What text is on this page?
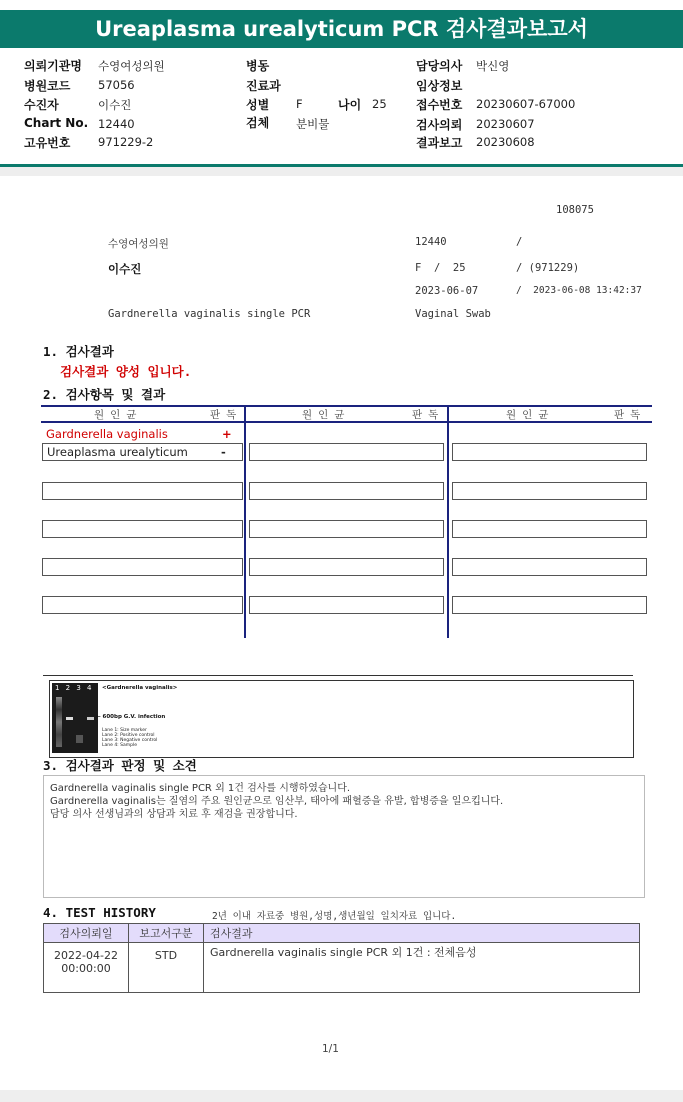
Ureaplasma urealyticum PCR 검사결과보고서
의뢰기관명 수영여성의원
병원코드 57056
수진자	이수진
Chart No. 12440
고유번호 971229-2
병동
진료과
성별 F	나이 25
검체 분비물
담당의사 박신영
임상정보
접수번호 20230607-67000
검사의뢰 20230607
결과보고 20230608
108075
수영여성의원	12440	/
이수진	F  /  25	/ (971229)
2023-06-07	/  2023-06-08 13:42:37
Gardnerella vaginalis single PCR	Vaginal Swab
1. 검사결과
검사결과 양성 입니다.
2. 검사항목 및 결과
원인균	판독	원인균	판독	원인균	판독
Gardnerella vaginalis	+
Ureaplasma urealyticum	-
1 2 3 4 <Gardnerella vaginalis>
← 600bp G.V. infection
Lane 1: Size marker
Lane 2: Positive control
Lane 3: Negative control
Lane 4: Sample
3. 검사결과 판정 및 소견
Gardnerella vaginalis single PCR 외 1건 검사를 시행하였습니다.
Gardnerella vaginalis는 질염의 주요 원인균으로 임산부, 태아에 패혈증을 유발, 합병증을 일으킵니다.
담당 의사 선생님과의 상담과 치료 후 재검을 권장합니다.
4. TEST HISTORY	2년 이내 자료중 병원,성명,생년월일 일치자료 입니다.
검사의뢰일	보고서구분	검사결과

2022-04-22
00:00:00	STD	Gardnerella vaginalis single PCR 외 1건 : 전체음성
1/1
